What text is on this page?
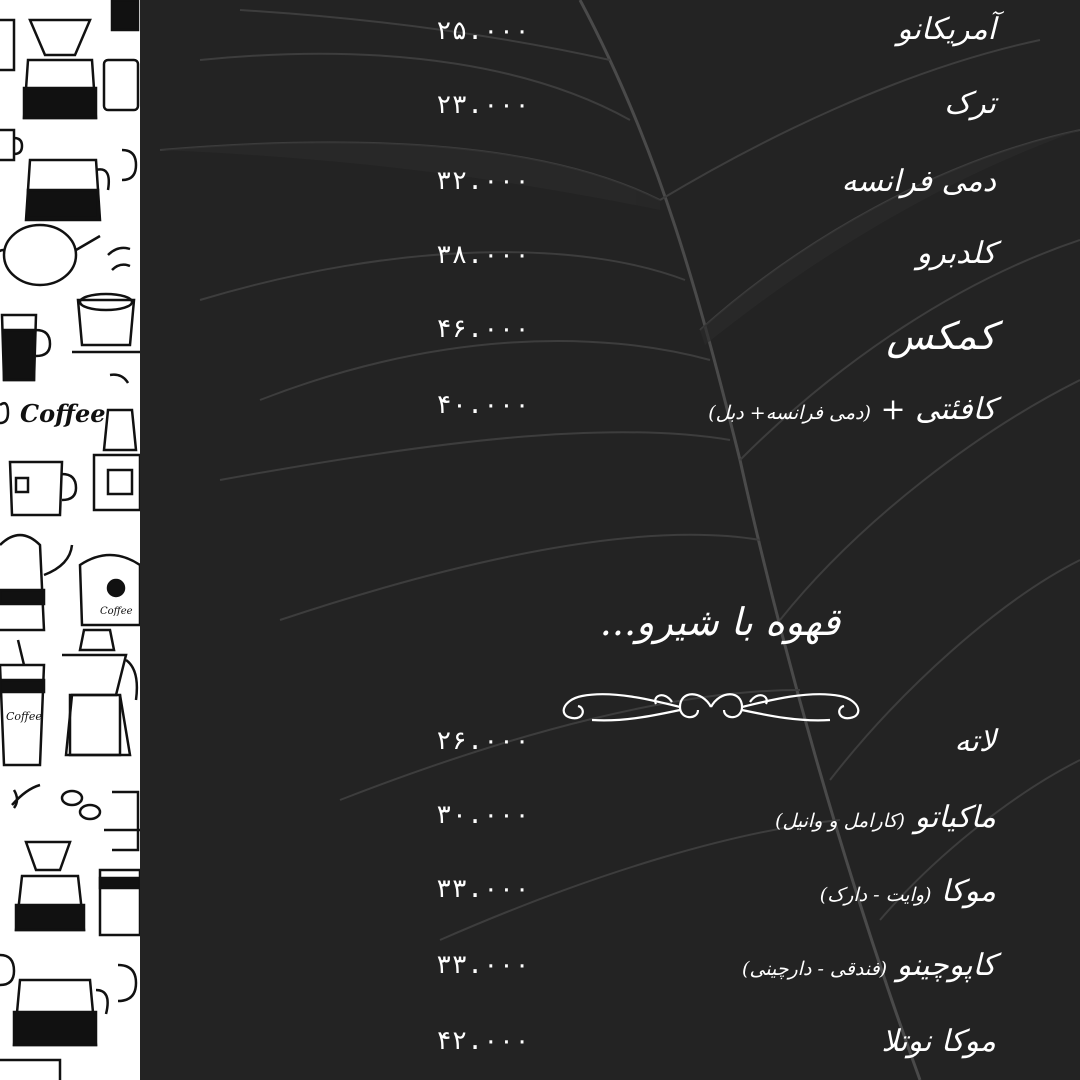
Coffee
Coffee
Coffee
۲۵.۰۰۰	آمریکانو
۲۳.۰۰۰	ترک
۳۲.۰۰۰	دمی فرانسه
۳۸.۰۰۰	کلدبرو
۴۶.۰۰۰	کمکس
۴۰.۰۰۰	کافئتی + (دمی فرانسه+ دبل)
قهوه با شیرو...
۲۶.۰۰۰	لاته
۳۰.۰۰۰	ماکیاتو (کارامل و وانیل)
۳۳.۰۰۰	موکا (وایت - دارک)
۳۳.۰۰۰	کاپوچینو (فندقی - دارچینی)
۴۲.۰۰۰	موکا نوتلا
